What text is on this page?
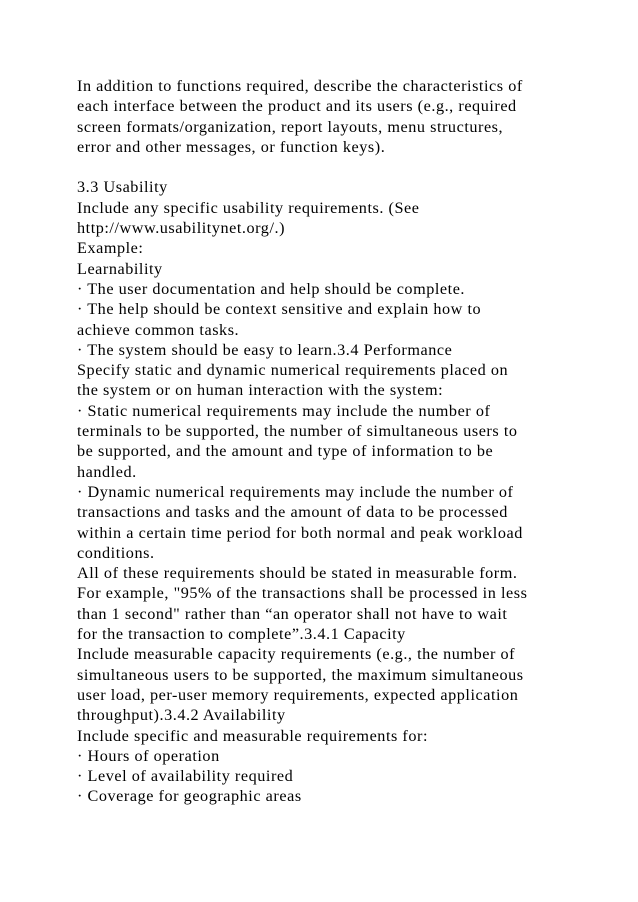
In addition to functions required, describe the characteristics of
each interface between the product and its users (e.g., required
screen formats/organization, report layouts, menu structures,
error and other messages, or function keys).
3.3 Usability
Include any specific usability requirements. (See
http://www.usabilitynet.org/.)
Example:
Learnability
· The user documentation and help should be complete.
· The help should be context sensitive and explain how to
achieve common tasks.
· The system should be easy to learn.3.4 Performance
Specify static and dynamic numerical requirements placed on
the system or on human interaction with the system:
· Static numerical requirements may include the number of
terminals to be supported, the number of simultaneous users to
be supported, and the amount and type of information to be
handled.
· Dynamic numerical requirements may include the number of
transactions and tasks and the amount of data to be processed
within a certain time period for both normal and peak workload
conditions.
All of these requirements should be stated in measurable form.
For example, "95% of the transactions shall be processed in less
than 1 second" rather than “an operator shall not have to wait
for the transaction to complete”.3.4.1 Capacity
Include measurable capacity requirements (e.g., the number of
simultaneous users to be supported, the maximum simultaneous
user load, per-user memory requirements, expected application
throughput).3.4.2 Availability
Include specific and measurable requirements for:
· Hours of operation
· Level of availability required
· Coverage for geographic areas
